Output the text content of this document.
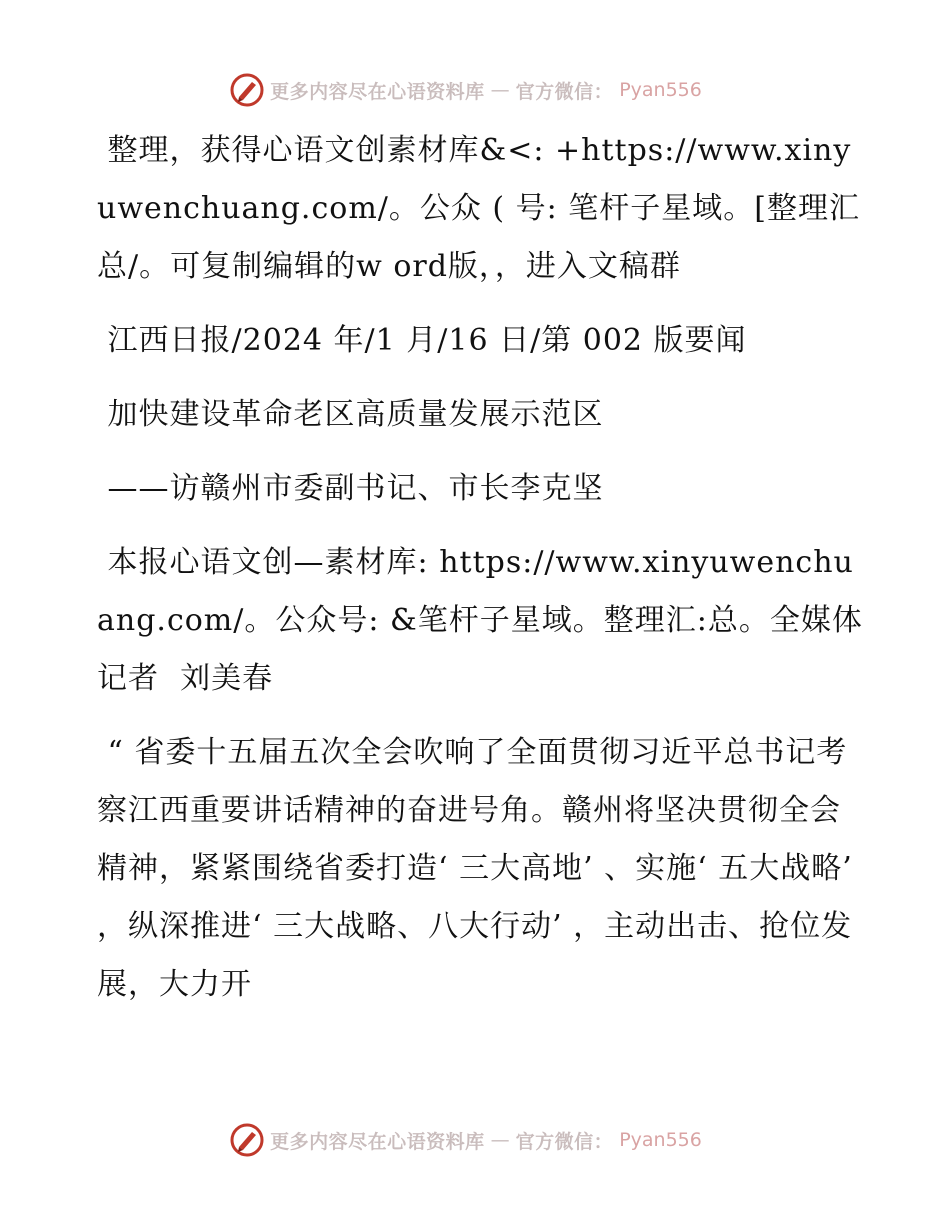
更多内容尽在心语资料库 — 官方微信： Pyan556

整理，获得心语文创素材库&<: +https://www.xinyuwenchuang.com/。公众 ( 号: 笔杆子星域。[整理汇总/。可复制编辑的w ord版，，进入文稿群

江西日报/2024 年/1 月/16 日/第 002 版要闻

加快建设革命老区高质量发展示范区

——访赣州市委副书记、市长李克坚

本报心语文创—素材库: https://www.xinyuwenchuang.com/。公众号: &笔杆子星域。整理汇:总。全媒体记者  刘美春

“ 省委十五届五次全会吹响了全面贯彻习近平总书记考察江西重要讲话精神的奋进号角。赣州将坚决贯彻全会精神，紧紧围绕省委打造‘ 三大高地’ 、实施‘ 五大战略’ ，纵深推进‘ 三大战略、八大行动’ ，主动出击、抢位发展，大力开

更多内容尽在心语资料库 — 官方微信： Pyan556
